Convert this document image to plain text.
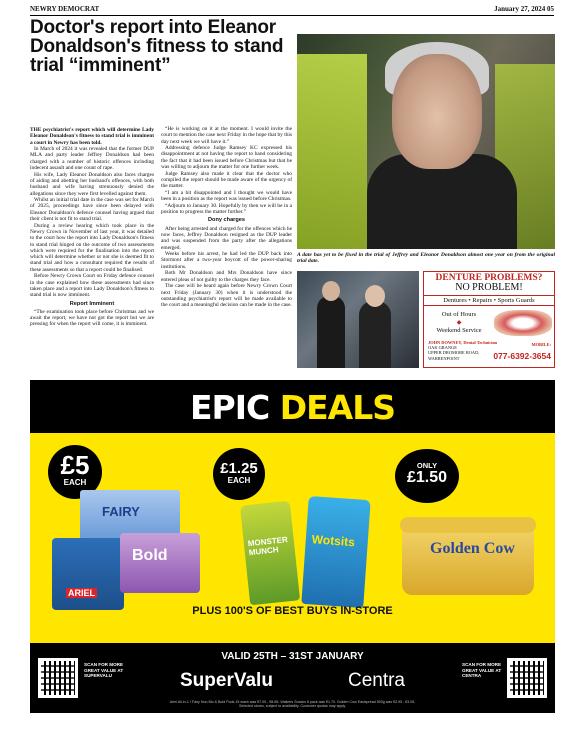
NEWRY DEMOCRAT	January 27, 2024 05
Doctor's report into Eleanor Donaldson's fitness to stand trial “imminent”

THE psychiatrist's report which will determine Lady Eleanor Donaldson's fitness to stand trial is imminent a court in Newry has been told.

In March of 2024 it was revealed that the former DUP MLA and party leader Jeffrey Donaldson had been charged with a number of historic offences including indecent assault and one count of rape.

His wife, Lady Eleanor Donaldson also faces charges of aiding and abetting her husband's offences, with both husband and wife having strenuously denied the allegations since they were first levelled against them.

Whilst an initial trial date in the case was set for March of 2025, proceedings have since been delayed with Eleanor Donaldson's defence counsel having argued that their client is not fit to stand trial.

During a review hearing which took place in the Newry Crown in November of last year, it was detailed to the court how the report into Lady Donaldson's fitness to stand trial hinged on the outcome of two assessments which were required for the finalisation into the report which will determine whether or not she is deemed fit to stand trial and how a consultant required the results of these assessments so that a report could be finalised.

Before Newry Crown Court on Friday defence counsel in the case explained how these assessments had since taken place and a report into Lady Donaldson's fitness to stand trial is now imminent.

Report Imminent

“The examination took place before Christmas and we await the report, we have not got the report but we are pressing for when the report will come, it is imminent.

“He is working on it at the moment. I would invite the court to mention the case next Friday in the hope that by this day next week we will have it.”

Addressing defence Judge Ramsey KC expressed his disappointment at not having the report to hand considering the fact that it had been issued before Christmas but that he was willing to adjourn the matter for one further week.

Judge Ramsey also made it clear that the doctor who compiled the report should be made aware of the urgency of the matter.

“I am a bit disappointed and I thought we would have been in a position as the report was issued before Christmas.

“Adjourn to January 30. Hopefully by then we will be in a position to progress the matter further.”

Dony charges

After being arrested and charged for the offences which he now faces, Jeffrey Donaldson resigned as the DUP leader and was suspended from the party after the allegations emerged.

Weeks before his arrest, he had led the DUP back into Stormont after a two-year boycott of the power-sharing institutions.

Both Mr Donaldson and Mrs Donaldson have since entered pleas of not guilty to the charges they face.

The case will be heard again before Newry Crown Court next Friday (January 30) when it is understood the outstanding psychiatrist's report will be made available to the court and a meaningful decision can be made in the case.

A date has yet to be fixed in the trial of Jeffrey and Eleanor Donaldson almost one year on from the original trial date.

DENTURE PROBLEMS?
NO PROBLEM!
Dentures • Repairs • Sports Guards
Out of Hours
◆
Weekend Service
JOHN DOWNEY, Dental Technician
OAK GRANGE
UPPER DROMORE ROAD,
WARRENPOINT
MOBILE:
077-6392-3654
EPIC DEALS
£5
EACH
FAIRY
ARIEL
Bold
£1.25
EACH
MONSTER MUNCH
Wotsits
ONLY
£1.50
Golden Cow
PLUS 100'S OF BEST BUYS IN-STORE
SCAN FOR MORE GREAT VALUE AT SUPERVALU
VALID 25TH – 31ST JANUARY
SuperValu	Centra
SCAN FOR MORE GREAT VALUE AT CENTRA
Ariel All-in-1 / Fairy Non Bio & Bold Pods 15 wash was €7.00 - €8.85. Walkers Snacks 6 pack was €1.70. Golden Cow Easispread 500g was €2.95 - €3.05.
Selected stores, subject to availability. Customer quotas may apply.
